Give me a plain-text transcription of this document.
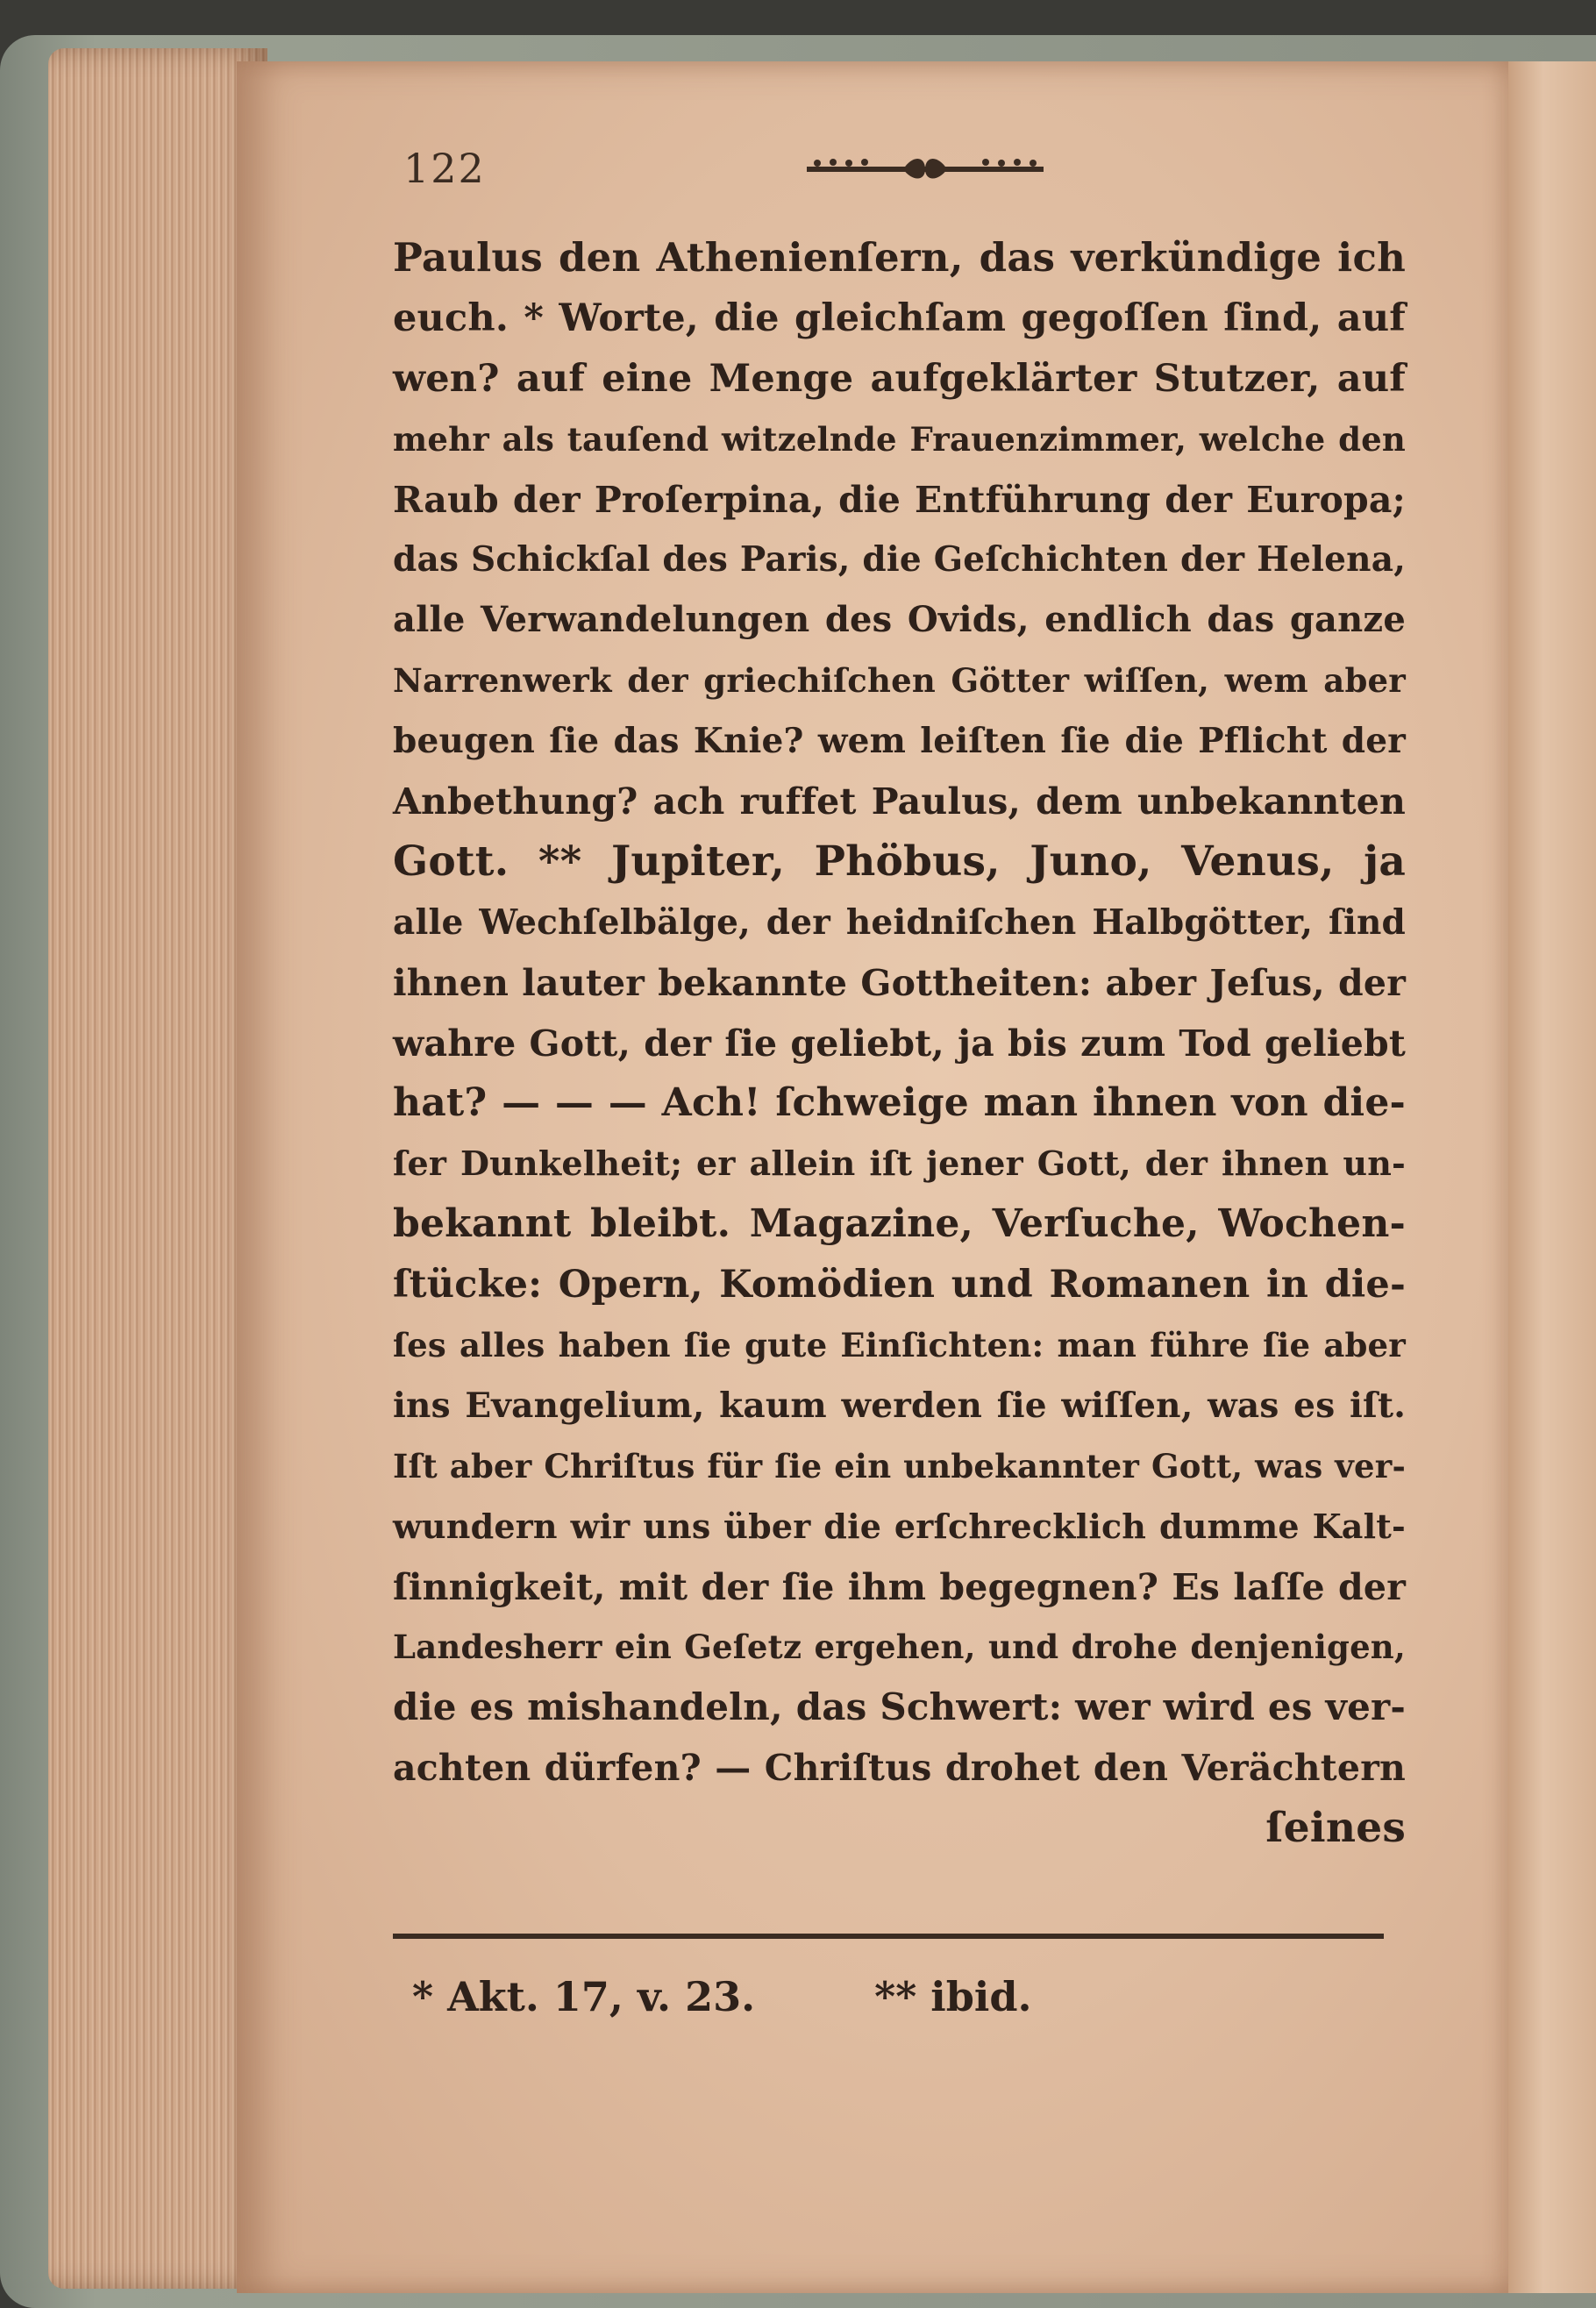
122
Paulus den Athenienſern, das verkündige ich
euch. * Worte, die gleichſam gegoſſen ſind, auf
wen? auf eine Menge aufgeklärter Stutzer, auf
mehr als tauſend witzelnde Frauenzimmer, welche den
Raub der Proſerpina, die Entführung der Europa;
das Schickſal des Paris, die Geſchichten der Helena,
alle Verwandelungen des Ovids, endlich das ganze
Narrenwerk der griechiſchen Götter wiſſen, wem aber
beugen ſie das Knie? wem leiſten ſie die Pflicht der
Anbethung? ach ruffet Paulus, dem unbekannten
Gott. ** Jupiter, Phöbus, Juno, Venus, ja
alle Wechſelbälge, der heidniſchen Halbgötter, ſind
ihnen lauter bekannte Gottheiten: aber Jeſus, der
wahre Gott, der ſie geliebt, ja bis zum Tod geliebt
hat? — — — Ach! ſchweige man ihnen von die-
ſer Dunkelheit; er allein iſt jener Gott, der ihnen un-
bekannt bleibt. Magazine, Verſuche, Wochen-
ſtücke: Opern, Komödien und Romanen in die-
ſes alles haben ſie gute Einſichten: man führe ſie aber
ins Evangelium, kaum werden ſie wiſſen, was es iſt.
Iſt aber Chriſtus für ſie ein unbekannter Gott, was ver-
wundern wir uns über die erſchrecklich dumme Kalt-
ſinnigkeit, mit der ſie ihm begegnen? Es laſſe der
Landesherr ein Geſetz ergehen, und drohe denjenigen,
die es mishandeln, das Schwert: wer wird es ver-
achten dürfen? — Chriſtus drohet den Verächtern
ſeines
* Akt. 17, v. 23.	** ibid.
